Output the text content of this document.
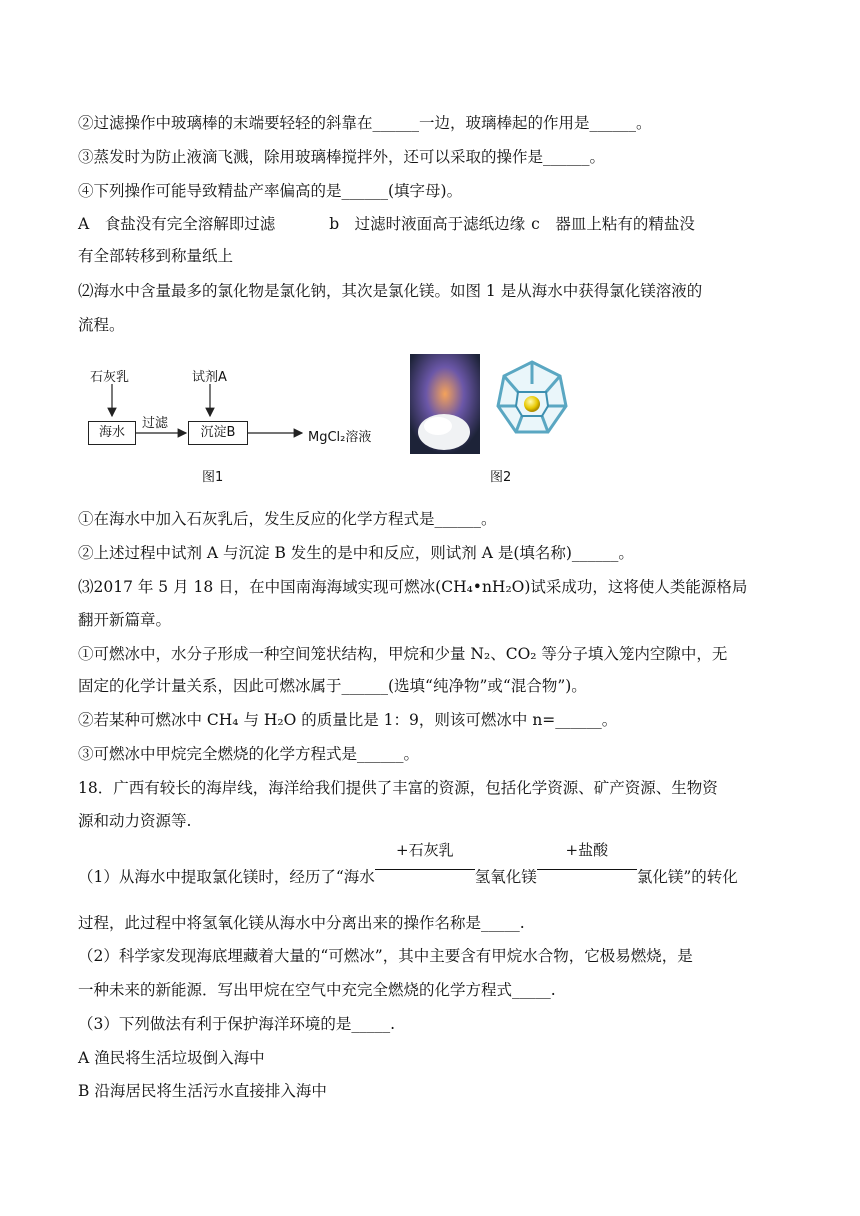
②过滤操作中玻璃棒的末端要轻轻的斜靠在______一边，玻璃棒起的作用是______。
③蒸发时为防止液滴飞溅，除用玻璃棒搅拌外，还可以采取的操作是______。
④下列操作可能导致精盐产率偏高的是______(填字母)。
A　食盐没有完全溶解即过滤	b　过滤时液面高于滤纸边缘 c　器皿上粘有的精盐没
有全部转移到称量纸上
⑵海水中含量最多的氯化物是氯化钠，其次是氯化镁。如图 1 是从海水中获得氯化镁溶液的
流程。
石灰乳	试剂A
海水
过滤
沉淀B	MgCl₂溶液
图1	图2
①在海水中加入石灰乳后，发生反应的化学方程式是______。
②上述过程中试剂 A 与沉淀 B 发生的是中和反应，则试剂 A 是(填名称)______。
⑶2017 年 5 月 18 日，在中国南海海域实现可燃冰(CH₄•nH₂O)试采成功，这将使人类能源格局
翻开新篇章。
①可燃冰中，水分子形成一种空间笼状结构，甲烷和少量 N₂、CO₂ 等分子填入笼内空隙中，无
固定的化学计量关系，因此可燃冰属于______(选填“纯净物”或“混合物”)。
②若某种可燃冰中 CH₄ 与 H₂O 的质量比是 1：9，则该可燃冰中 n=______。
③可燃冰中甲烷完全燃烧的化学方程式是______。
18．广西有较长的海岸线，海洋给我们提供了丰富的资源，包括化学资源、矿产资源、生物资
源和动力资源等.
（1）从海水中提取氯化镁时，经历了“海水
+石灰乳
氢氧化镁
+盐酸
氯化镁”的转化
过程，此过程中将氢氧化镁从海水中分离出来的操作名称是_____.
（2）科学家发现海底埋藏着大量的“可燃冰”，其中主要含有甲烷水合物，它极易燃烧，是
一种未来的新能源．写出甲烷在空气中充完全燃烧的化学方程式_____.
（3）下列做法有利于保护海洋环境的是_____.
A 渔民将生活垃圾倒入海中
B 沿海居民将生活污水直接排入海中
